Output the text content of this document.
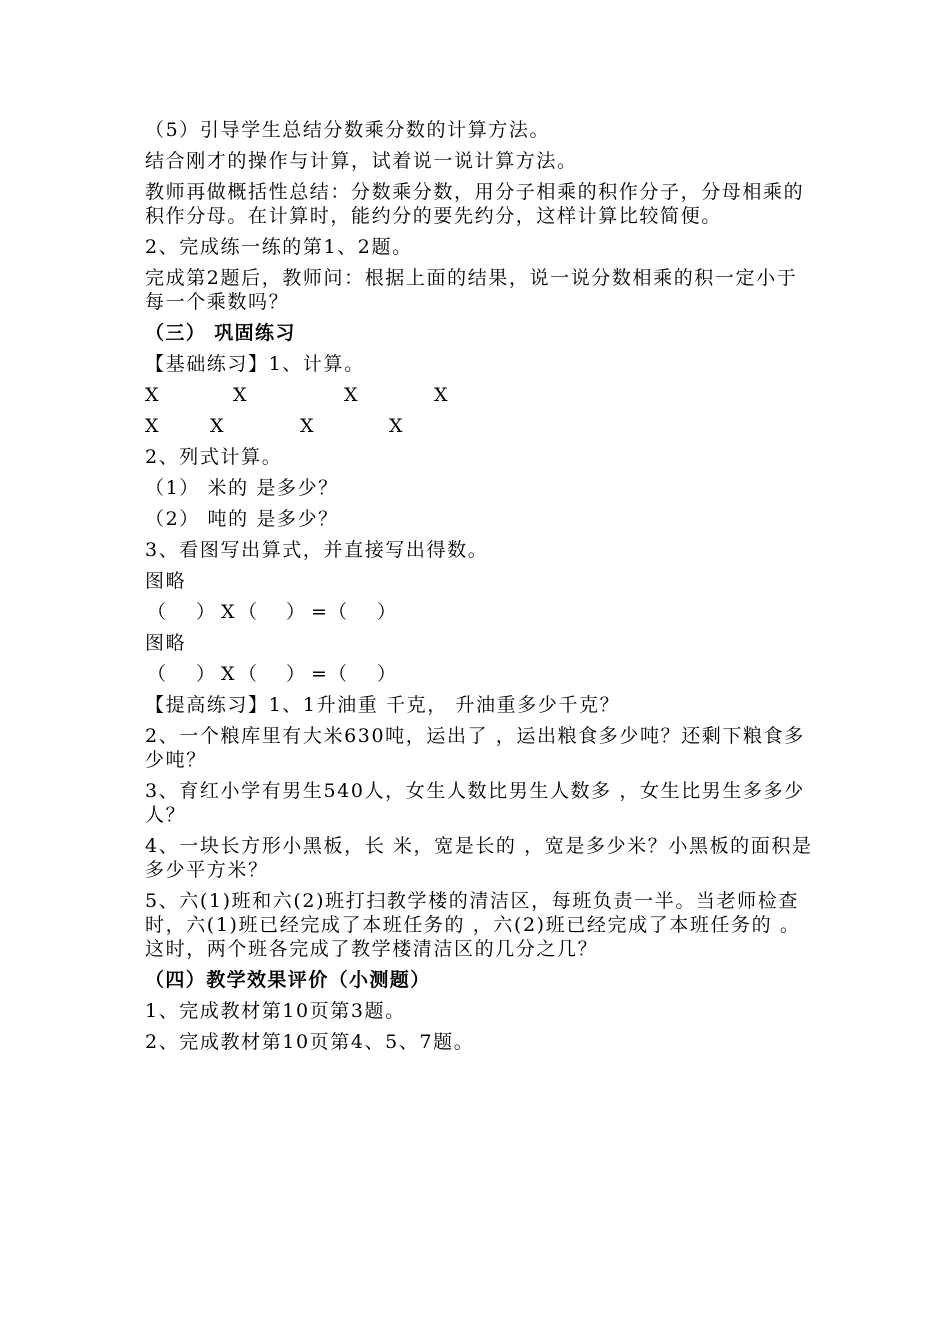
（5）引导学生总结分数乘分数的计算方法。

结合刚才的操作与计算，试着说一说计算方法。

教师再做概括性总结：分数乘分数，用分子相乘的积作分子，分母相乘的积作分母。在计算时，能约分的要先约分，这样计算比较简便。

2、完成练一练的第1、2题。

完成第2题后，教师问：根据上面的结果，说一说分数相乘的积一定小于每一个乘数吗？

（三） 巩固练习

【基础练习】1、计算。

X	X	X	X
X	X	X	X

2、列式计算。

（1） 米的 是多少？

（2） 吨的 是多少？

3、看图写出算式，并直接写出得数。

图略

（ ） X （ ） = （ ）

图略

（ ） X （ ） = （ ）

【提高练习】1、1升油重 千克， 升油重多少千克？

2、一个粮库里有大米630吨，运出了 ，运出粮食多少吨？还剩下粮食多少吨？

3、育红小学有男生540人，女生人数比男生人数多 ，女生比男生多多少人？

4、一块长方形小黑板，长 米，宽是长的 ，宽是多少米？小黑板的面积是多少平方米？

5、六(1)班和六(2)班打扫教学楼的清洁区，每班负责一半。当老师检查时，六(1)班已经完成了本班任务的 ，六(2)班已经完成了本班任务的 。这时，两个班各完成了教学楼清洁区的几分之几？

（四）教学效果评价（小测题）

1、完成教材第10页第3题。

2、完成教材第10页第4、5、7题。
